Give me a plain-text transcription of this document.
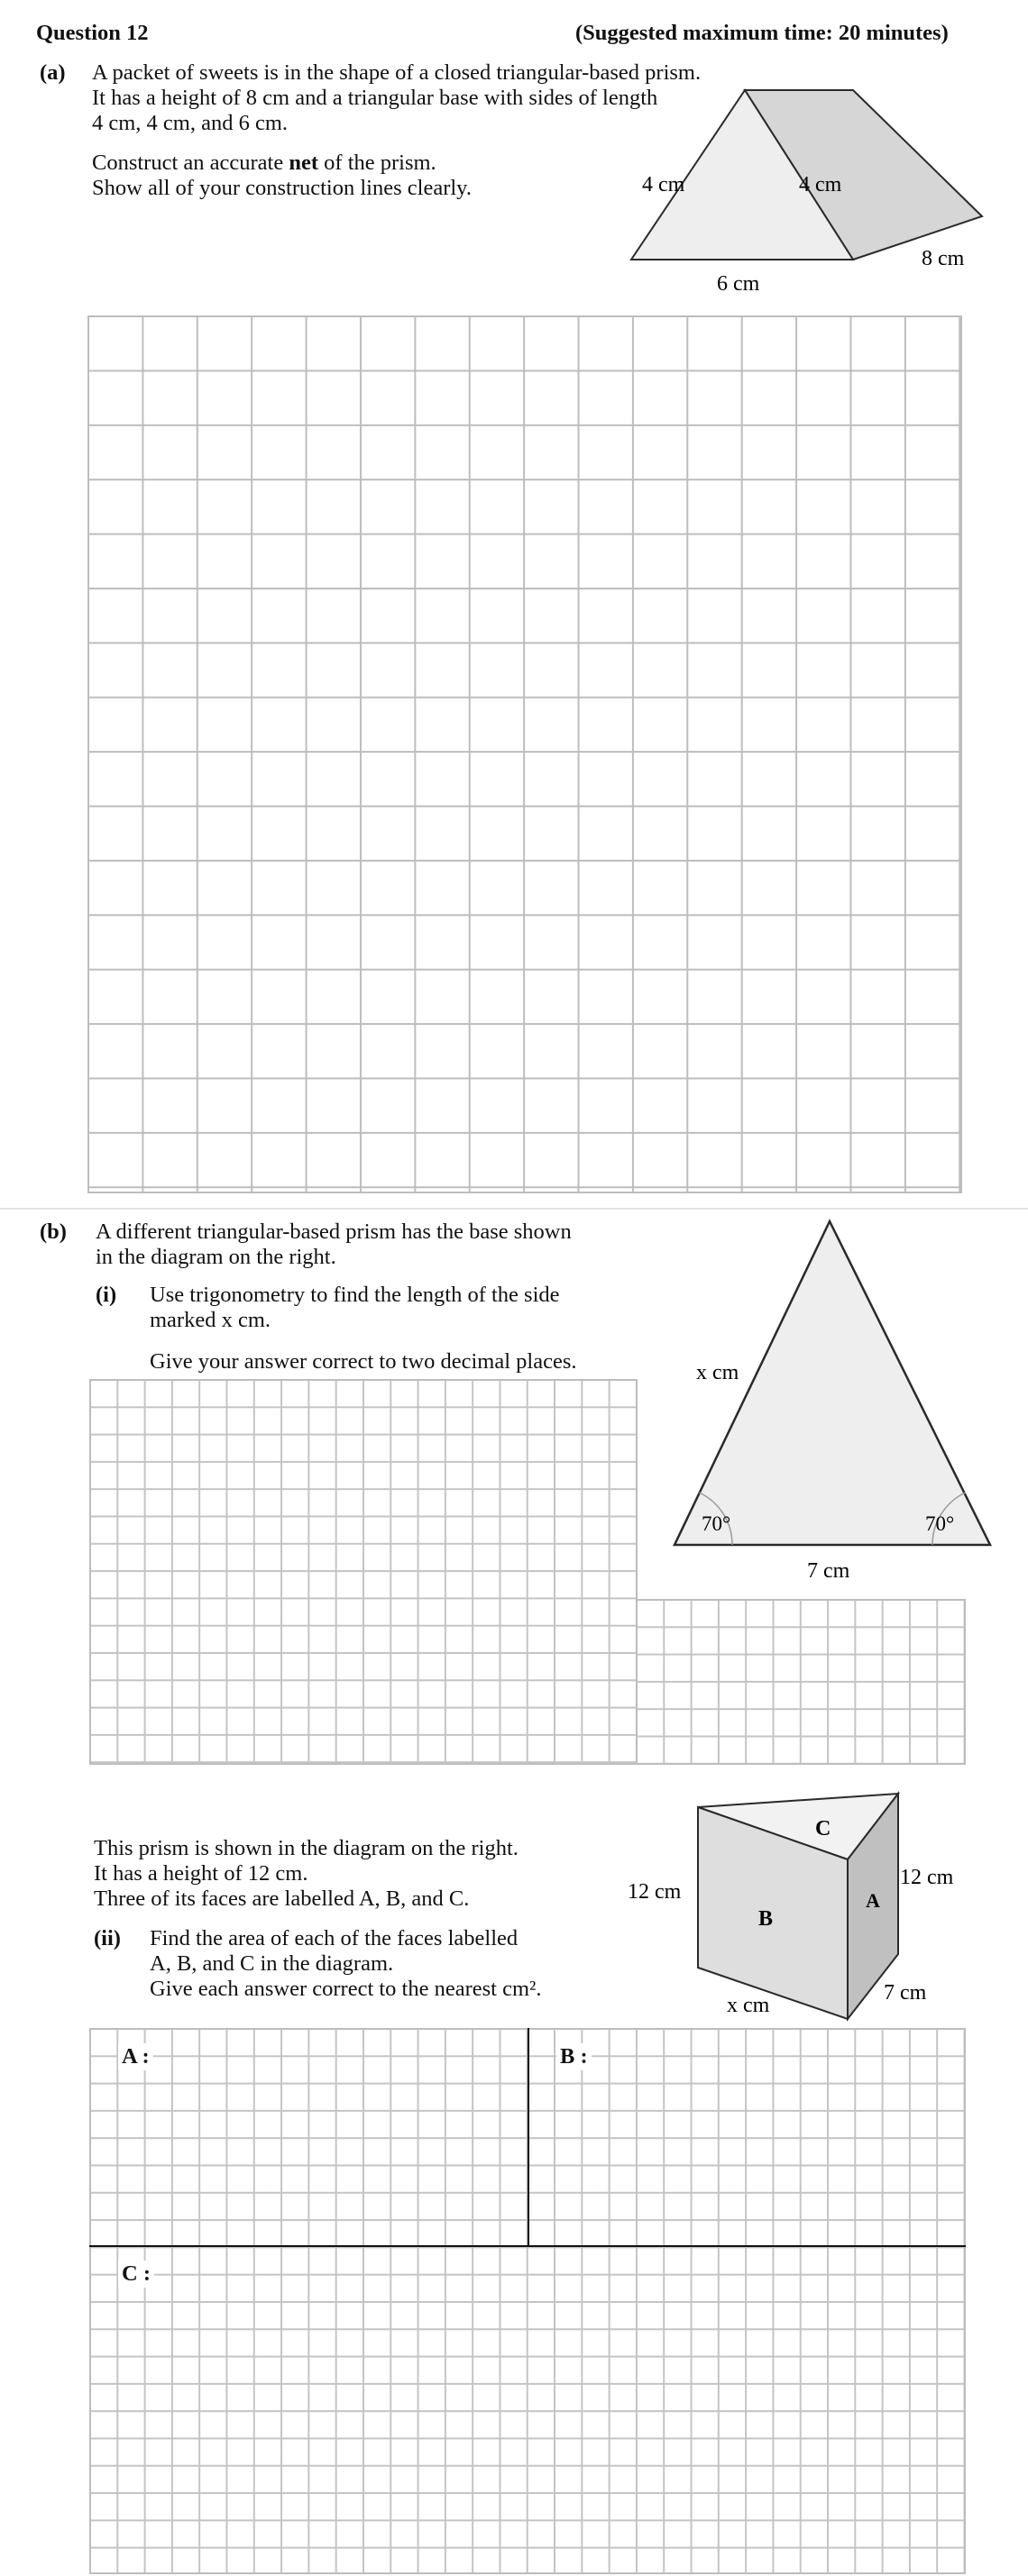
Question 12	(Suggested maximum time: 20 minutes)
(a) A packet of sweets is in the shape of a closed triangular-based prism.
It has a height of 8 cm and a triangular base with sides of length
4 cm, 4 cm, and 6 cm.
Construct an accurate net of the prism.
Show all of your construction lines clearly.	4 cm	4 cm
6 cm
8 cm
(b) A different triangular-based prism has the base shown
in the diagram on the right.
(i) Use trigonometry to find the length of the side
marked x cm.
Give your answer correct to two decimal places.	x cm
70°	70°
7 cm
This prism is shown in the diagram on the right.
It has a height of 12 cm.
Three of its faces are labelled A, B, and C.
(ii) Find the area of each of the faces labelled
A, B, and C in the diagram.
Give each answer correct to the nearest cm².
12 cm
12 cm
C
B
A
x cm
7 cm
A :	B :
C :
